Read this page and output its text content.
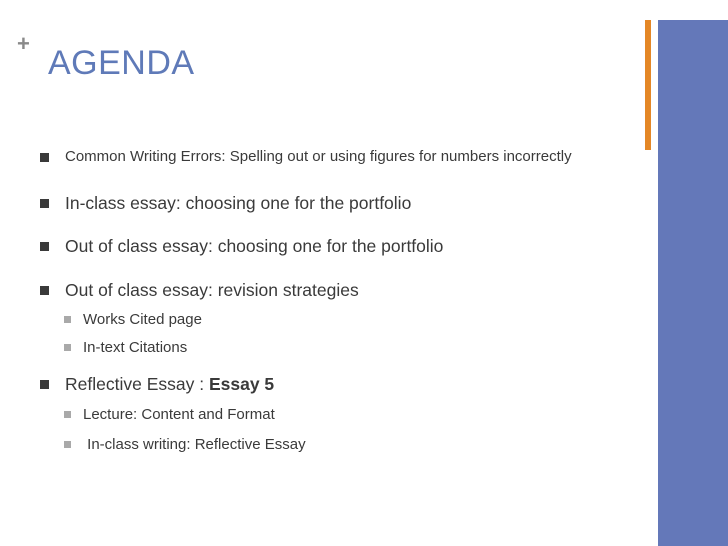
+
AGENDA
Common Writing Errors: Spelling out or using figures for numbers incorrectly
In-class essay: choosing one for the portfolio
Out of class essay: choosing one for the portfolio
Out of class essay: revision strategies
Works Cited page
In-text Citations
Reflective Essay : Essay 5
Lecture: Content and Format
In-class writing: Reflective Essay
